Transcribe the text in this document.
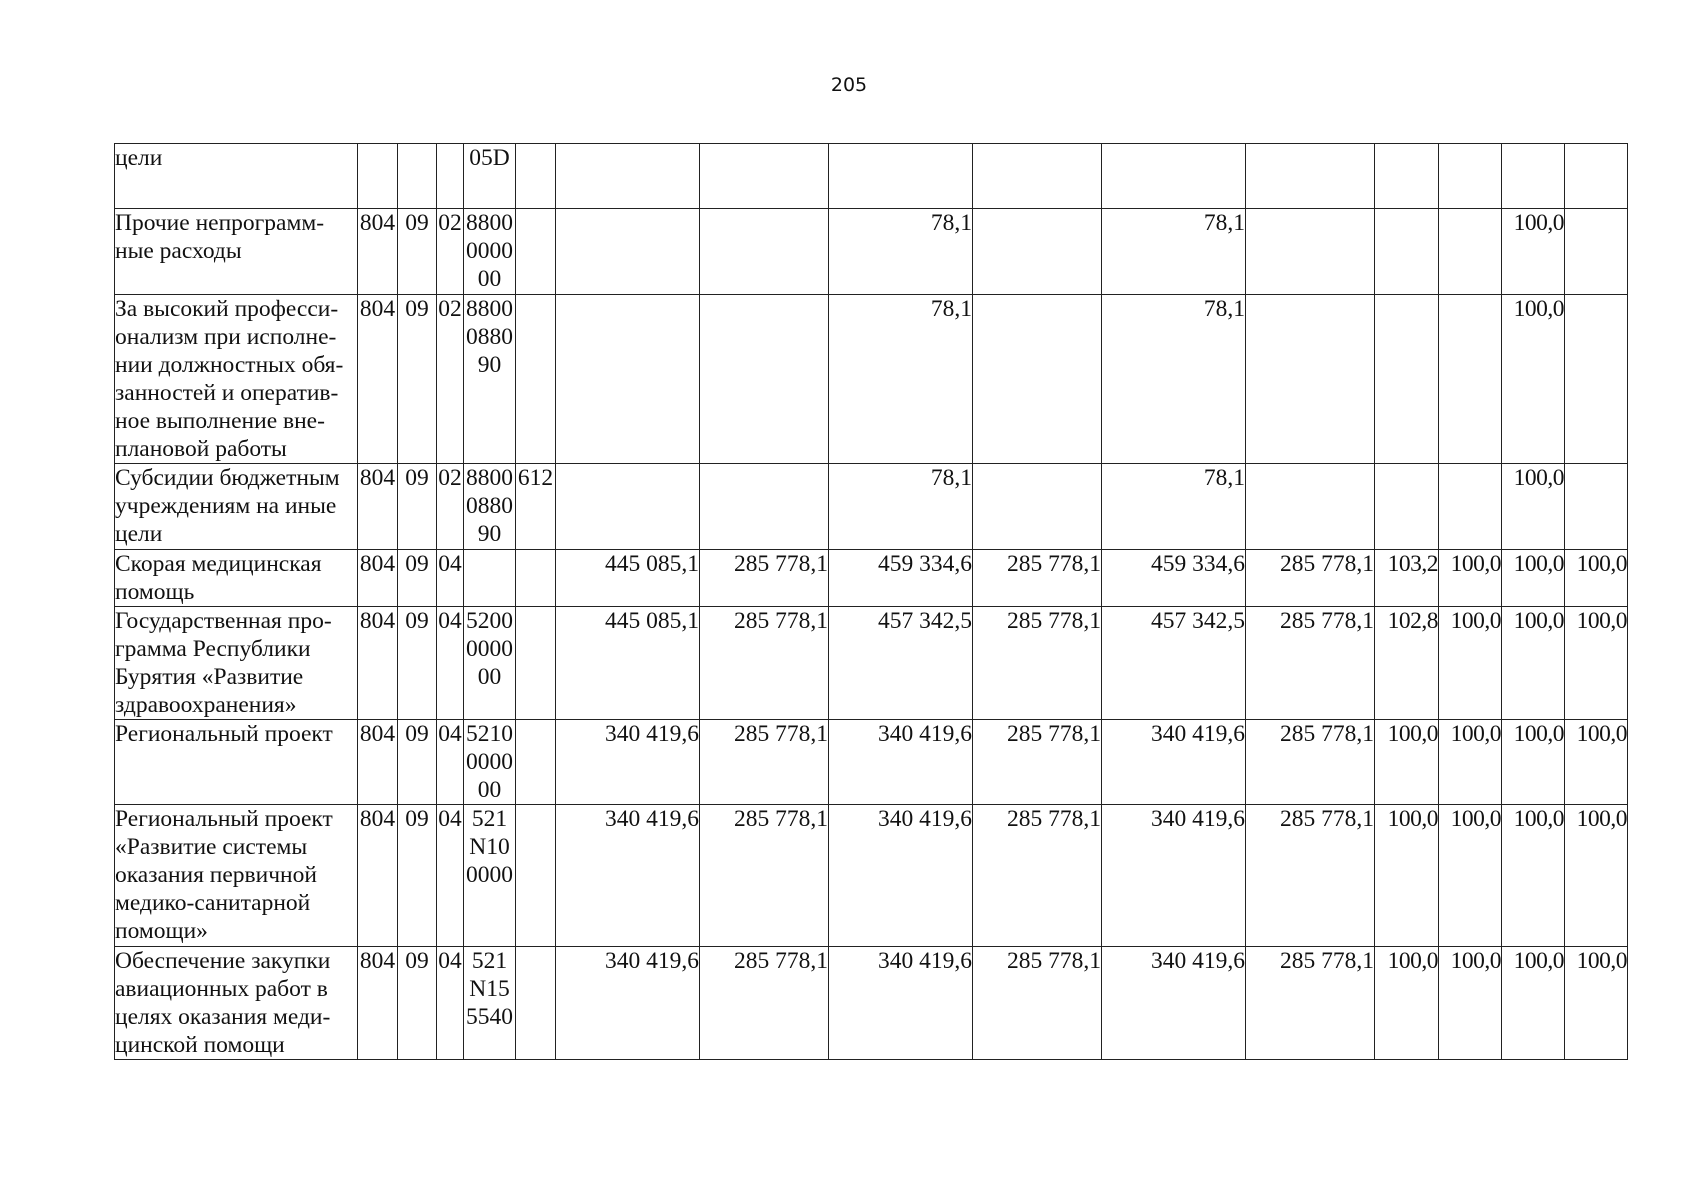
205
цели				05D											
Прочие непрограмм-ные расходы	804	09	02	8800000000				78,1		78,1				100,0	
За высокий професси-онализм при исполне-нии должностных обя-занностей и оператив-ное выполнение вне-плановой работы	804	09	02	8800088090				78,1		78,1				100,0	
Субсидии бюджетным учреждениям на иные цели	804	09	02	8800088090	612			78,1		78,1				100,0	
Скорая медицинская помощь	804	09	04			445 085,1	285 778,1	459 334,6	285 778,1	459 334,6	285 778,1	103,2	100,0	100,0	100,0
Государственная про-грамма Республики Бурятия «Развитие здравоохранения»	804	09	04	5200000000		445 085,1	285 778,1	457 342,5	285 778,1	457 342,5	285 778,1	102,8	100,0	100,0	100,0
Региональный проект	804	09	04	5210000000		340 419,6	285 778,1	340 419,6	285 778,1	340 419,6	285 778,1	100,0	100,0	100,0	100,0
Региональный проект «Развитие системы оказания первичной медико-санитарной помощи»	804	09	04	521 N10 0000		340 419,6	285 778,1	340 419,6	285 778,1	340 419,6	285 778,1	100,0	100,0	100,0	100,0
Обеспечение закупки авиационных работ в целях оказания меди-цинской помощи	804	09	04	521 N15 5540		340 419,6	285 778,1	340 419,6	285 778,1	340 419,6	285 778,1	100,0	100,0	100,0	100,0
